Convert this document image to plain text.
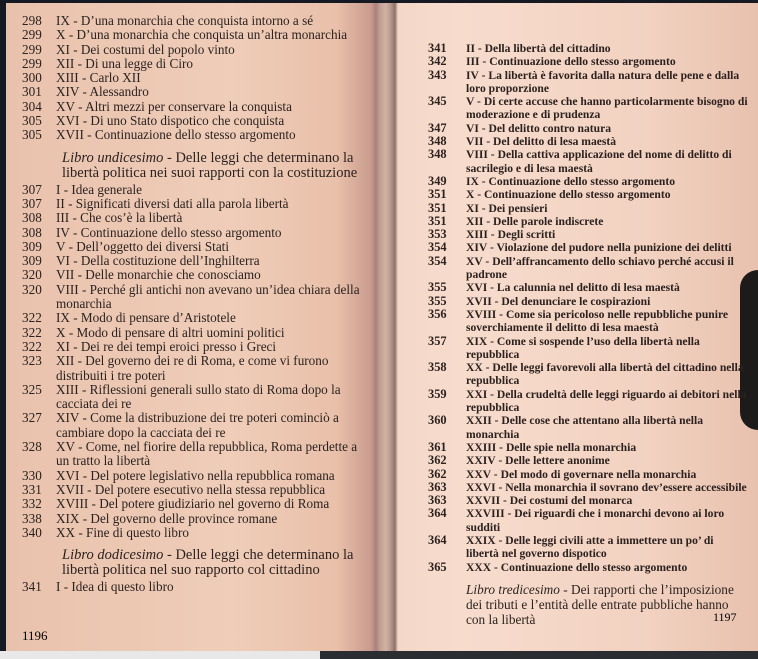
298	IX - D’una monarchia che conquista intorno a sé
299	X - D’una monarchia che conquista un’altra monarchia
299	XI - Dei costumi del popolo vinto
299	XII - Di una legge di Ciro
300	XIII - Carlo XII
301	XIV - Alessandro
304	XV - Altri mezzi per conservare la conquista
305	XVI - Di uno Stato dispotico che conquista
305	XVII - Continuazione dello stesso argomento
Libro undicesimo - Delle leggi che determinano la libertà politica nei suoi rapporti con la costituzione
307	I - Idea generale
307	II - Significati diversi dati alla parola libertà
308	III - Che cos’è la libertà
308	IV - Continuazione dello stesso argomento
309	V - Dell’oggetto dei diversi Stati
309	VI - Della costituzione dell’Inghilterra
320	VII - Delle monarchie che conosciamo
320	VIII - Perché gli antichi non avevano un’idea chiara della monarchia
322	IX - Modo di pensare d’Aristotele
322	X - Modo di pensare di altri uomini politici
322	XI - Dei re dei tempi eroici presso i Greci
323	XII - Del governo dei re di Roma, e come vi furono distribuiti i tre poteri
325	XIII - Riflessioni generali sullo stato di Roma dopo la cacciata dei re
327	XIV - Come la distribuzione dei tre poteri cominciò a cambiare dopo la cacciata dei re
328	XV - Come, nel fiorire della repubblica, Roma perdette a un tratto la libertà
330	XVI - Del potere legislativo nella repubblica romana
331	XVII - Del potere esecutivo nella stessa repubblica
332	XVIII - Del potere giudiziario nel governo di Roma
338	XIX - Del governo delle province romane
340	XX - Fine di questo libro
Libro dodicesimo - Delle leggi che determinano la libertà politica nel suo rapporto col cittadino
341	I - Idea di questo libro
1196
341	II - Della libertà del cittadino
342	III - Continuazione dello stesso argomento
343	IV - La libertà è favorita dalla natura delle pene e dalla loro proporzione
345	V - Di certe accuse che hanno particolarmente bisogno di moderazione e di prudenza
347	VI - Del delitto contro natura
348	VII - Del delitto di lesa maestà
348	VIII - Della cattiva applicazione del nome di delitto di sacrilegio e di lesa maestà
349	IX - Continuazione dello stesso argomento
351	X - Continuazione dello stesso argomento
351	XI - Dei pensieri
351	XII - Delle parole indiscrete
353	XIII - Degli scritti
354	XIV - Violazione del pudore nella punizione dei delitti
354	XV - Dell’affrancamento dello schiavo perché accusi il padrone
355	XVI - La calunnia nel delitto di lesa maestà
355	XVII - Del denunciare le cospirazioni
356	XVIII - Come sia pericoloso nelle repubbliche punire soverchiamente il delitto di lesa maestà
357	XIX - Come si sospende l’uso della libertà nella repubblica
358	XX - Delle leggi favorevoli alla libertà del cittadino nella repubblica
359	XXI - Della crudeltà delle leggi riguardo ai debitori nella repubblica
360	XXII - Delle cose che attentano alla libertà nella monarchia
361	XXIII - Delle spie nella monarchia
362	XXIV - Delle lettere anonime
362	XXV - Del modo di governare nella monarchia
363	XXVI - Nella monarchia il sovrano dev’essere accessibile
363	XXVII - Dei costumi del monarca
364	XXVIII - Dei riguardi che i monarchi devono ai loro sudditi
364	XXIX - Delle leggi civili atte a immettere un po’ di libertà nel governo dispotico
365	XXX - Continuazione dello stesso argomento
Libro tredicesimo - Dei rapporti che l’imposizione dei tributi e l’entità delle entrate pubbliche hanno con la libertà	1197
